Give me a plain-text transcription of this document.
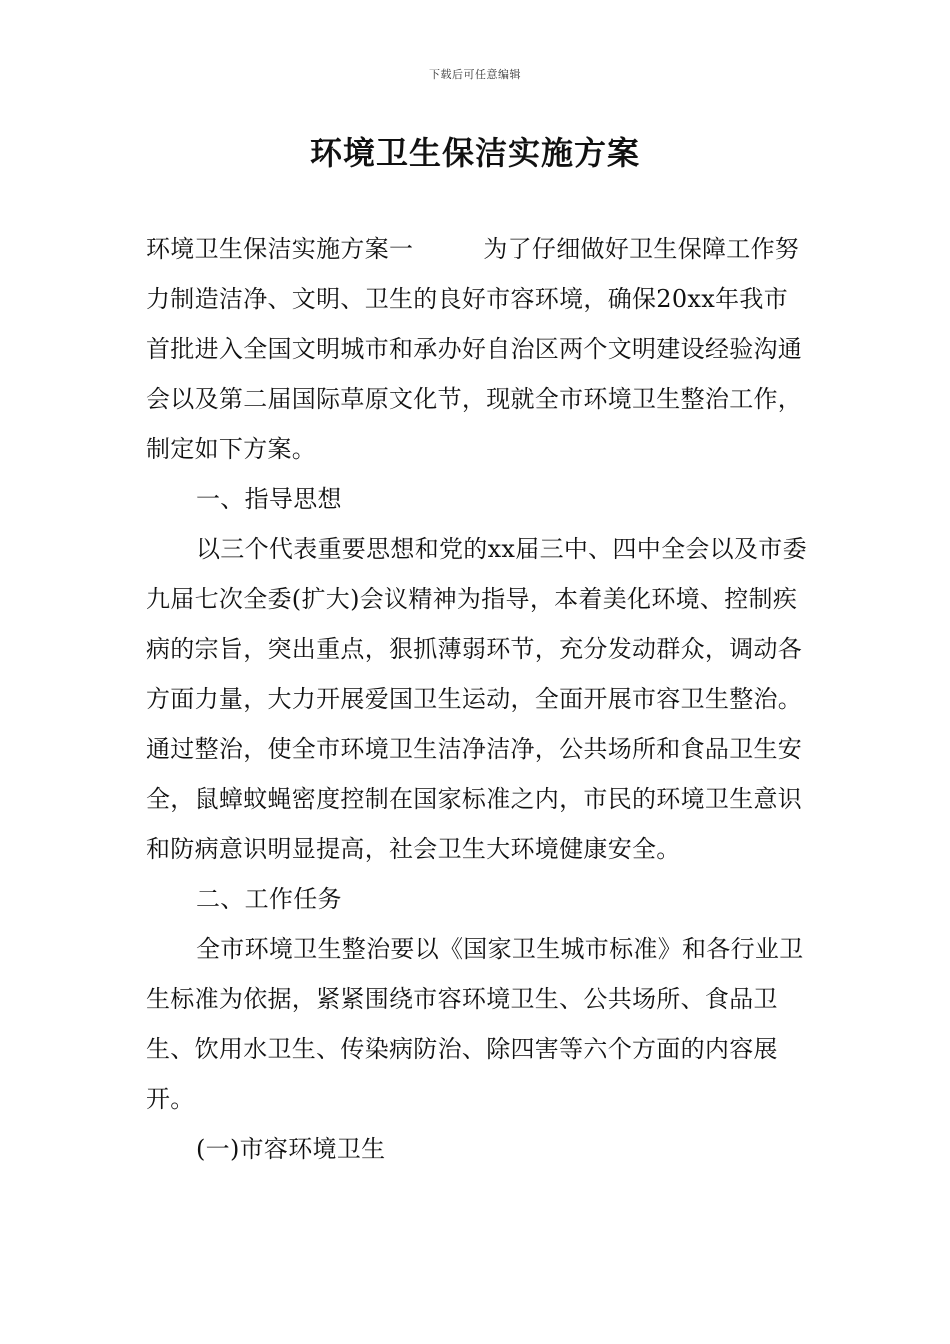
下载后可任意编辑
环境卫生保洁实施方案

环境卫生保洁实施方案一	为了仔细做好卫生保障工作努力制造洁净、文明、卫生的良好市容环境，确保20xx年我市首批进入全国文明城市和承办好自治区两个文明建设经验沟通会以及第二届国际草原文化节，现就全市环境卫生整治工作，制定如下方案。

一、指导思想

以三个代表重要思想和党的xx届三中、四中全会以及市委九届七次全委(扩大)会议精神为指导，本着美化环境、控制疾病的宗旨，突出重点，狠抓薄弱环节，充分发动群众，调动各方面力量，大力开展爱国卫生运动，全面开展市容卫生整治。通过整治，使全市环境卫生洁净洁净，公共场所和食品卫生安全，鼠蟑蚊蝇密度控制在国家标准之内，市民的环境卫生意识和防病意识明显提高，社会卫生大环境健康安全。

二、工作任务

全市环境卫生整治要以《国家卫生城市标准》和各行业卫生标准为依据，紧紧围绕市容环境卫生、公共场所、食品卫生、饮用水卫生、传染病防治、除四害等六个方面的内容展开。

(一)市容环境卫生
